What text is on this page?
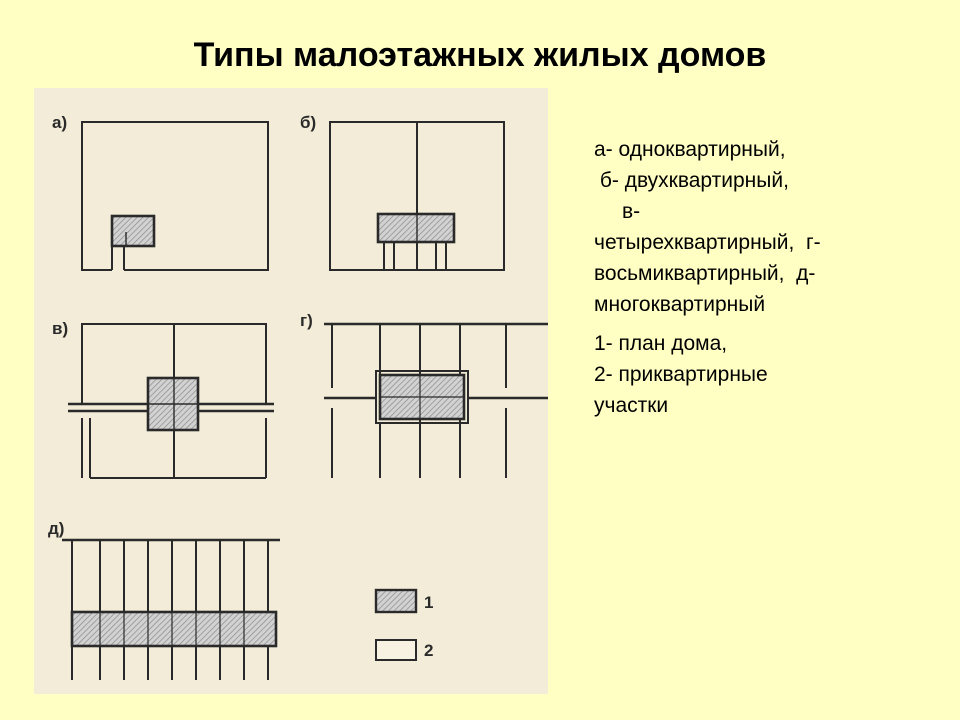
Типы малоэтажных жилых домов
а)	б)
в)	г)
д)
1
2
а- одноквартирный,
б- двухквартирный,
в-
четырехквартирный,  г-
восьмиквартирный,  д-
многоквартирный
1- план дома,
2- приквартирные
участки
